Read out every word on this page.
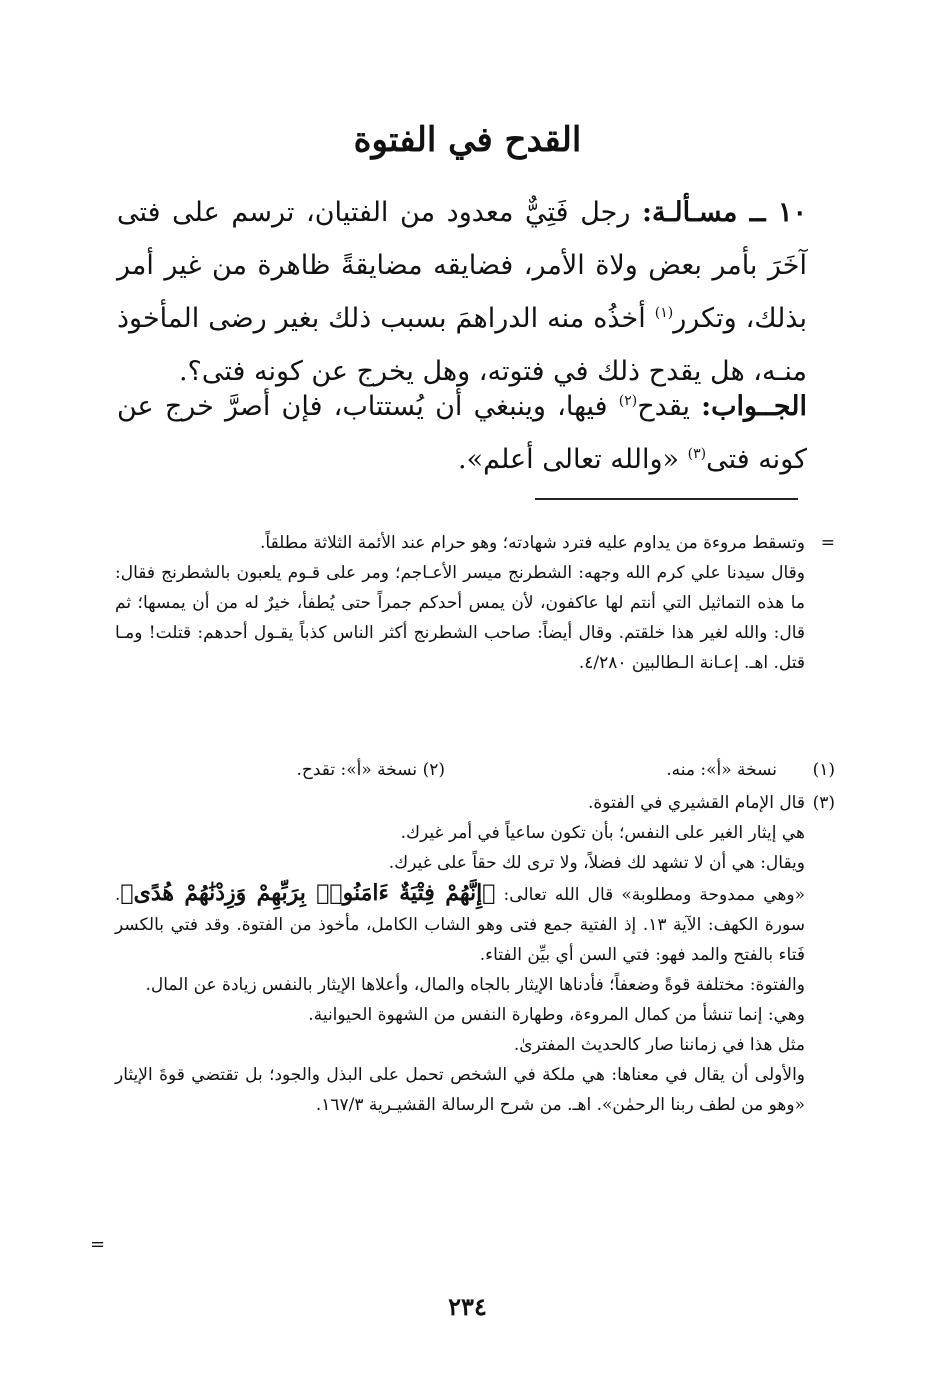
القدح في الفتوة

١٠ ــ مسـألـة: رجل فَتِيٌّ معدود من الفتيان، ترسم على فتى آخَرَ بأمر بعض ولاة الأمر، فضايقه مضايقةً ظاهرة من غير أمر بذلك، وتكرر$^{(١)}$ أخذُه منه الدراهمَ بسبب ذلك بغير رضى المأخوذ منـه، هل يقدح ذلك في فتوته، وهل يخرج عن كونه فتى؟.

الجــواب: يقدح$^{(٢)}$ فيها، وينبغي أن يُستتاب، فإن أصرَّ خرج عن كونه فتى$^{(٣)}$ «والله تعالى أعلم».

=

وتسقط مروءة من يداوم عليه فترد شهادته؛ وهو حرام عند الأئمة الثلاثة مطلقاً.

وقال سيدنا علي كرم الله وجهه: الشطرنج ميسر الأعـاجم؛ ومر على قـوم يلعبون بالشطرنج فقال: ما هذه التماثيل التي أنتم لها عاكفون، لأن يمس أحدكم جمراً حتى يُطفأ، خيرٌ له من أن يمسها؛ ثم قال: والله لغير هذا خلقتم. وقال أيضاً: صاحب الشطرنج أكثر الناس كذباً يقـول أحدهم: قتلت! ومـا قتل. اهـ. إعـانة الـطالبين ٤/٢٨٠.

(١)
نسخة «أ»: منه.
(٢) نسخة «أ»: تقدح.
(٣)

قال الإمام القشيري في الفتوة.

هي إيثار الغير على النفس؛ بأن تكون ساعياً في أمر غيرك.

ويقال: هي أن لا تشهد لك فضلاً، ولا ترى لك حقاً على غيرك.

«وهي ممدوحة ومطلوبة» قال الله تعالى: ﴿إِنَّهُمْ فِتْيَةٌ ءَامَنُوا۟ بِرَبِّهِمْ وَزِدْنَٰهُمْ هُدًى﴾. سورة الكهف: الآية ١٣. إذ الفتية جمع فتى وهو الشاب الكامل، مأخوذ من الفتوة. وقد فتي بالكسر فَتاء بالفتح والمد فهو: فتي السن أي بيِّن الفتاء.

والفتوة: مختلفة قوةً وضعفاً؛ فأدناها الإيثار بالجاه والمال، وأعلاها الإيثار بالنفس زيادة عن المال.

وهي: إنما تنشأ من كمال المروءة، وطهارة النفس من الشهوة الحيوانية.

مثل هذا في زماننا صار كالحديث المفترىٰ.

والأولى أن يقال في معناها: هي ملكة في الشخص تحمل على البذل والجود؛ بل تقتضي قوةَ الإيثار «وهو من لطف ربنا الرحمٰن». اهـ. من شرح الرسالة القشيـرية ١٦٧/٣.

=
٢٣٤
